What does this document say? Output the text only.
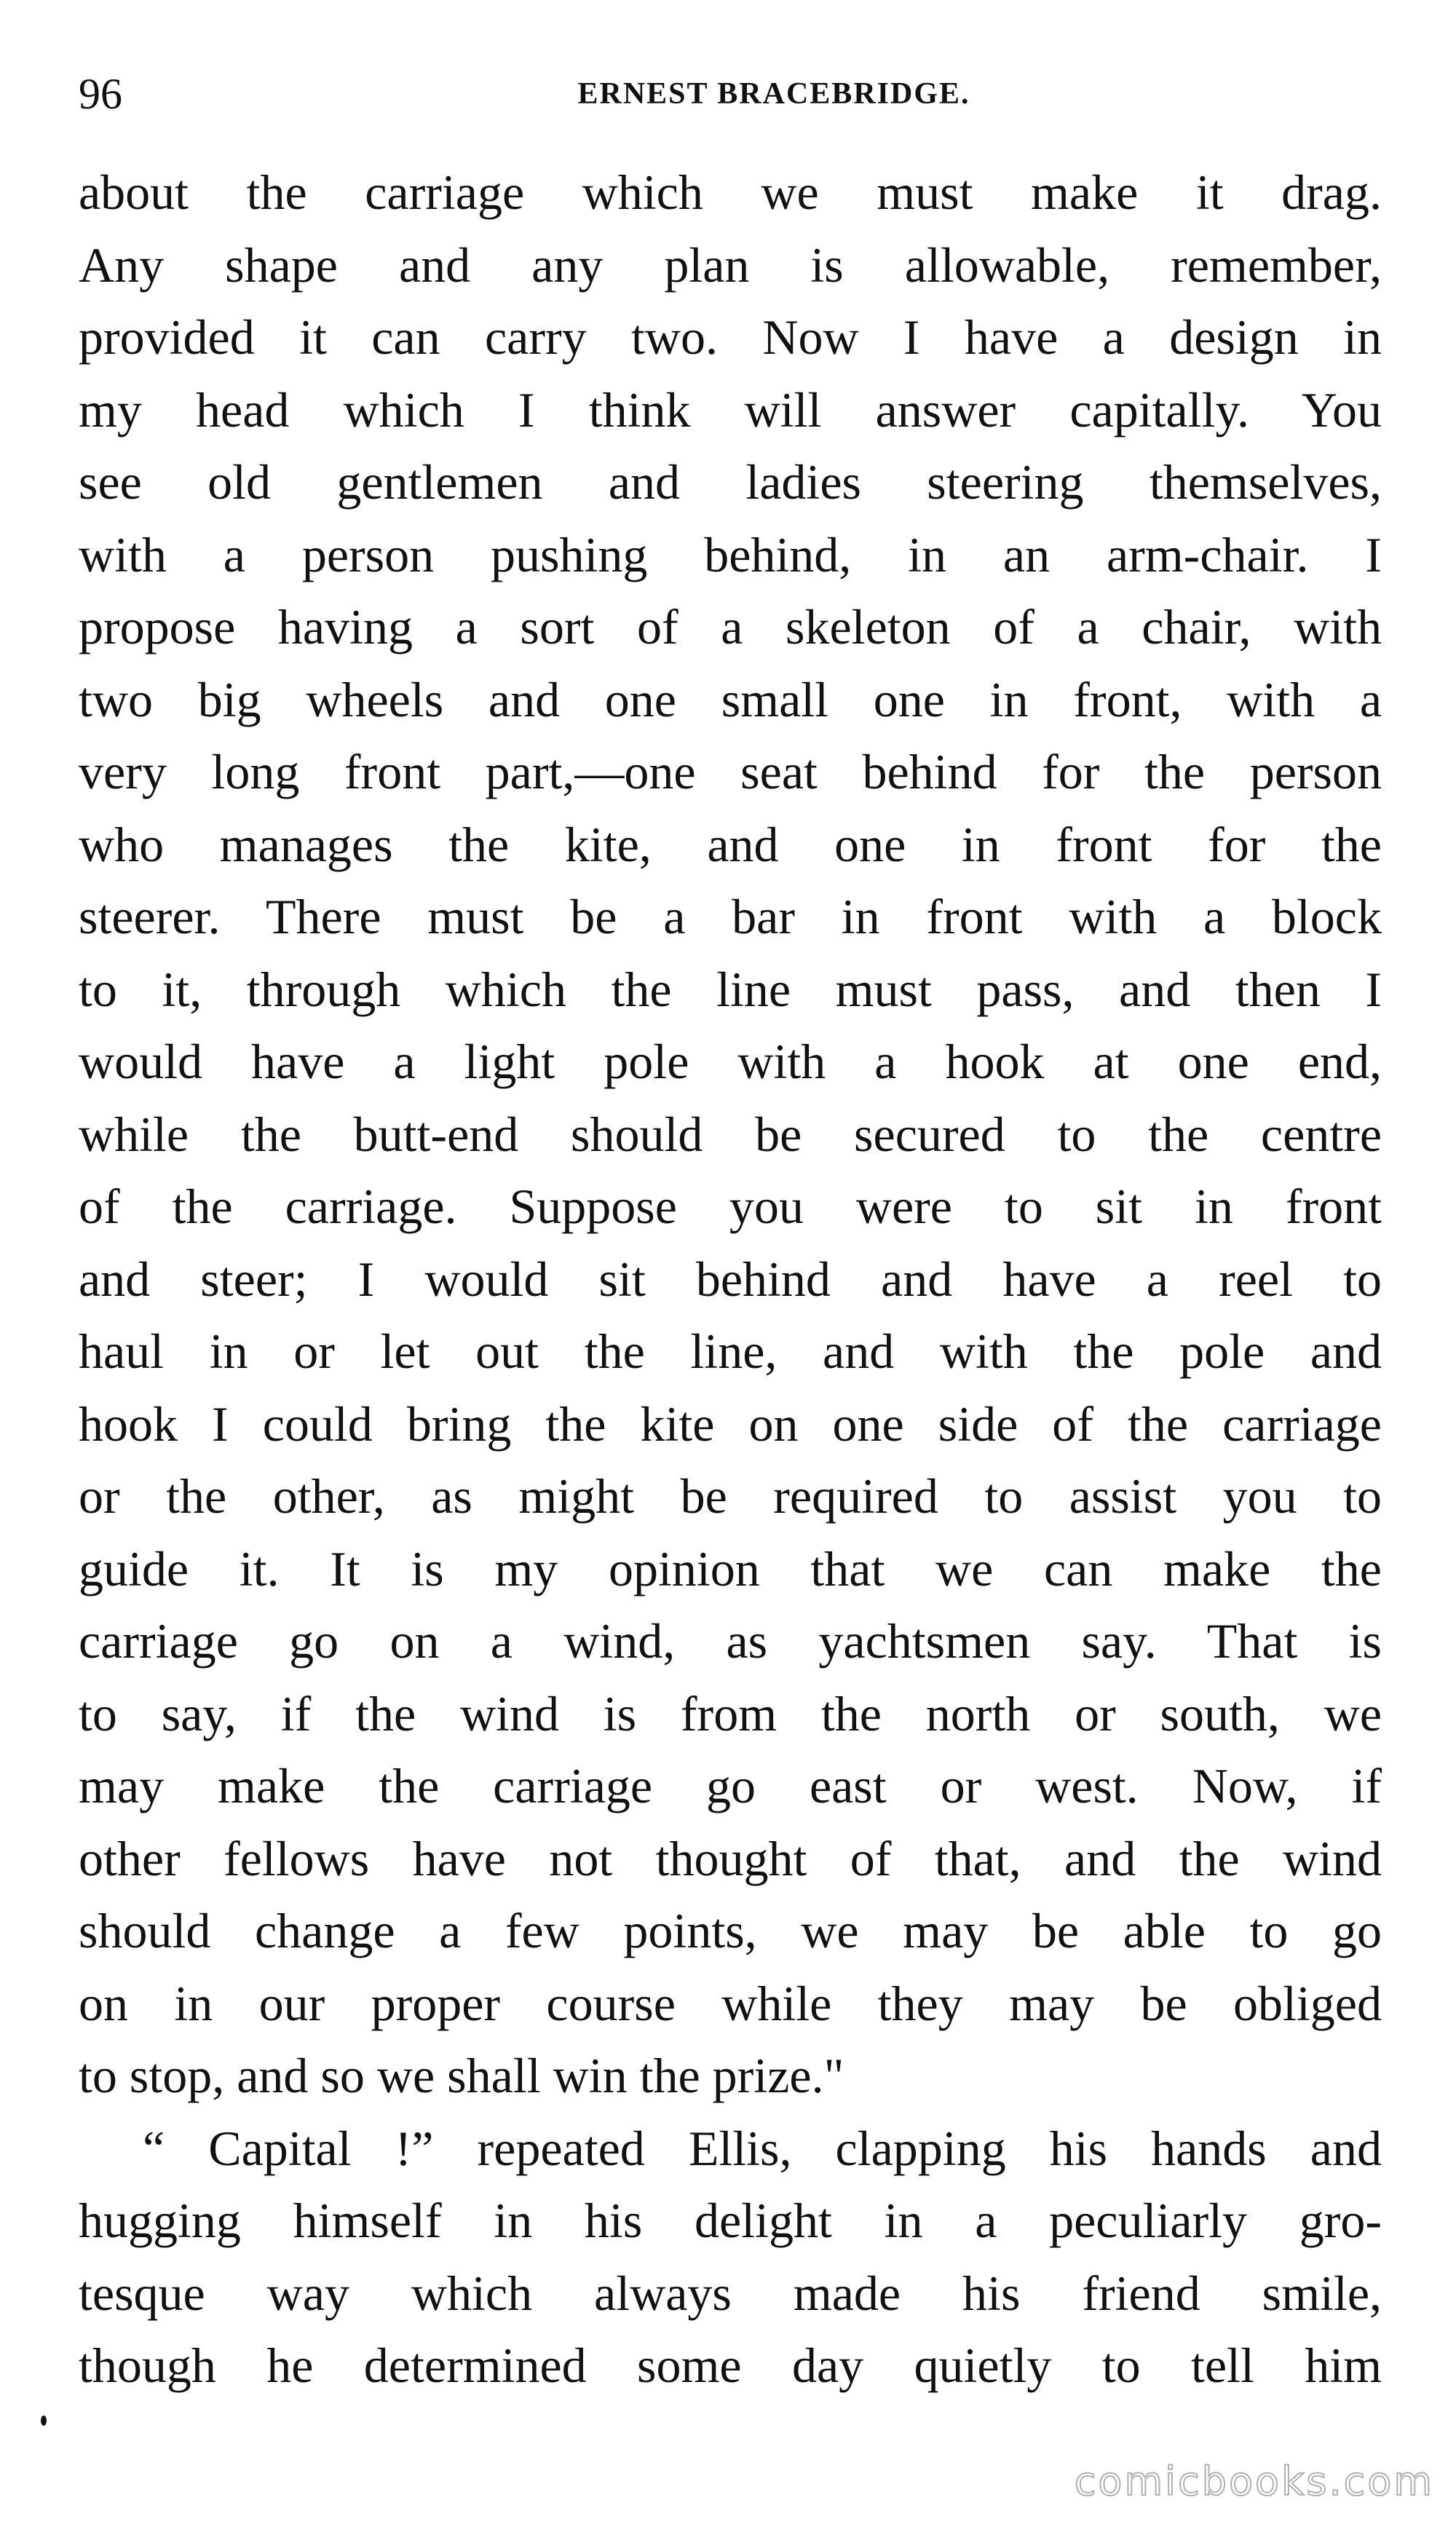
96	ERNEST BRACEBRIDGE.
about the carriage which we must make it drag.
Any shape and any plan is allowable, remember,
provided it can carry two. Now I have a design in
my head which I think will answer capitally. You
see old gentlemen and ladies steering themselves,
with a person pushing behind, in an arm-chair. I
propose having a sort of a skeleton of a chair, with
two big wheels and one small one in front, with a
very long front part,—one seat behind for the person
who manages the kite, and one in front for the
steerer. There must be a bar in front with a block
to it, through which the line must pass, and then I
would have a light pole with a hook at one end,
while the butt-end should be secured to the centre
of the carriage. Suppose you were to sit in front
and steer; I would sit behind and have a reel to
haul in or let out the line, and with the pole and
hook I could bring the kite on one side of the carriage
or the other, as might be required to assist you to
guide it. It is my opinion that we can make the
carriage go on a wind, as yachtsmen say. That is
to say, if the wind is from the north or south, we
may make the carriage go east or west. Now, if
other fellows have not thought of that, and the wind
should change a few points, we may be able to go
on in our proper course while they may be obliged
to stop, and so we shall win the prize."
“ Capital !” repeated Ellis, clapping his hands and
hugging himself in his delight in a peculiarly gro-
tesque way which always made his friend smile,
though he determined some day quietly to tell him
comicbooks.com
